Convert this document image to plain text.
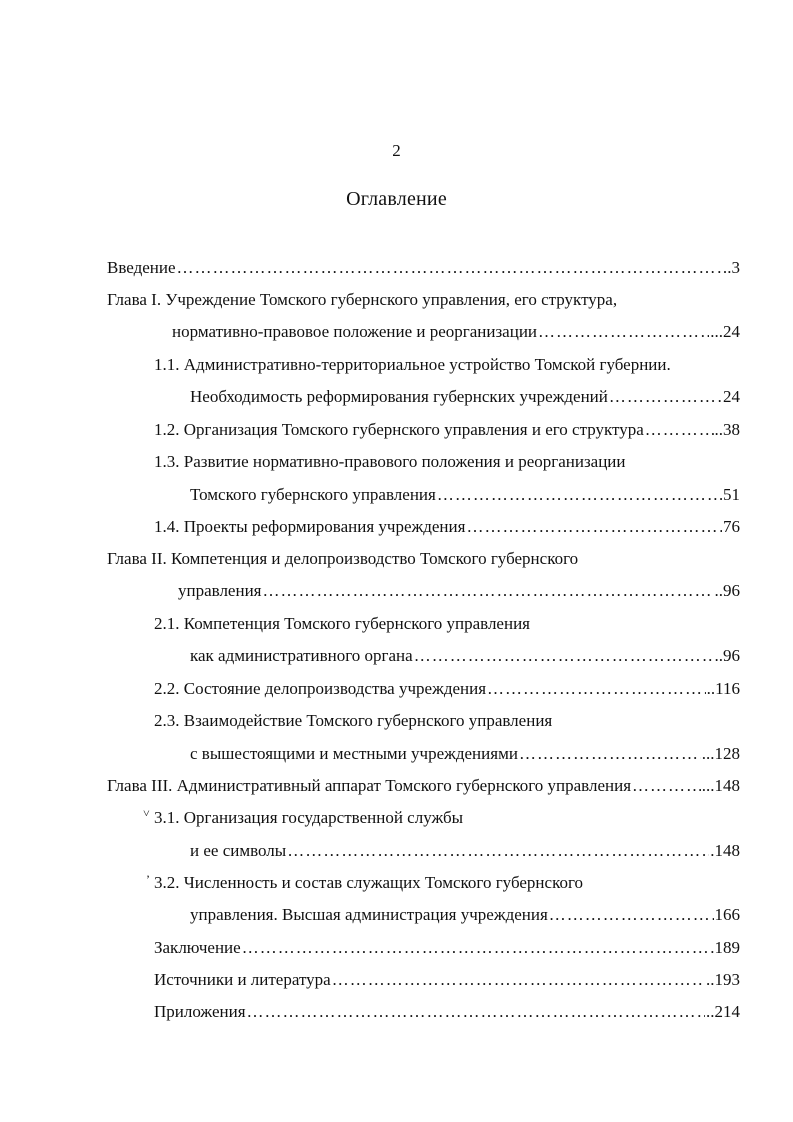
2
Оглавление
Введение …………………………………………………………………………………………………………………………………………………………………………	.3
Глава I. Учреждение Томского губернского управления, его структура,
нормативно-правовое положение и реорганизации …………………………………………………………………………………………………………………………………………………………………………	...24
1.1. Административно-территориальное устройство Томской губернии.
Необходимость реформирования губернских учреждений …………………………………………………………………………………………………………………………………………………………………………	24
1.2. Организация Томского губернского управления и его структура …………………………………………………………………………………………………………………………………………………………………………	..38
1.3. Развитие нормативно-правового положения и реорганизации
Томского губернского управления …………………………………………………………………………………………………………………………………………………………………………	51
1.4. Проекты реформирования учреждения …………………………………………………………………………………………………………………………………………………………………………	76
Глава II. Компетенция и делопроизводство Томского губернского
управления …………………………………………………………………………………………………………………………………………………………………………	..96
2.1. Компетенция Томского губернского управления
как административного органа …………………………………………………………………………………………………………………………………………………………………………	..96
2.2. Состояние делопроизводства учреждения …………………………………………………………………………………………………………………………………………………………………………	..116
2.3. Взаимодействие Томского губернского управления
с вышестоящими и местными учреждениями …………………………………………………………………………………………………………………………………………………………………………	...128
Глава III. Административный аппарат Томского губернского управления …………………………………………………………………………………………………………………………………………………………………………	...148
3.1. Организация государственной службы
и ее символы …………………………………………………………………………………………………………………………………………………………………………	.148
3.2. Численность и состав служащих Томского губернского
управления. Высшая администрация учреждения …………………………………………………………………………………………………………………………………………………………………………	166
Заключение …………………………………………………………………………………………………………………………………………………………………………	.189
Источники и литература …………………………………………………………………………………………………………………………………………………………………………	..193
Приложения …………………………………………………………………………………………………………………………………………………………………………	..214
˅
’
